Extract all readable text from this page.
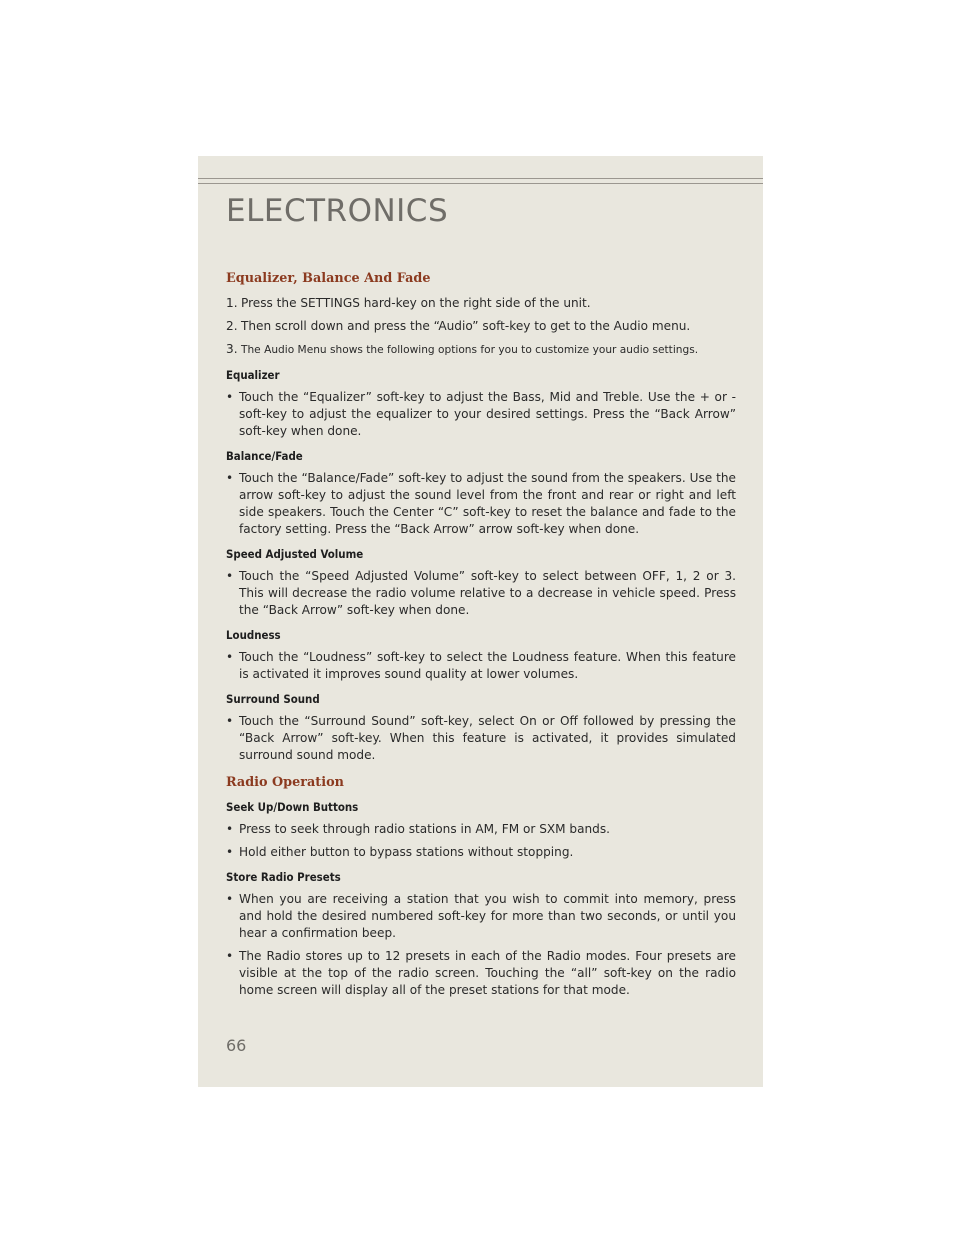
ELECTRONICS
Equalizer, Balance And Fade
1. Press the SETTINGS hard-key on the right side of the unit.
2. Then scroll down and press the “Audio” soft-key to get to the Audio menu.
3. The Audio Menu shows the following options for you to customize your audio settings.
Equalizer
• Touch the “Equalizer” soft-key to adjust the Bass, Mid and Treble. Use the + or - soft-key to adjust the equalizer to your desired settings. Press the “Back Arrow” soft-key when done.
Balance/Fade
• Touch the “Balance/Fade” soft-key to adjust the sound from the speakers. Use the arrow soft-key to adjust the sound level from the front and rear or right and left side speakers. Touch the Center “C” soft-key to reset the balance and fade to the factory setting. Press the “Back Arrow” arrow soft-key when done.
Speed Adjusted Volume
• Touch the “Speed Adjusted Volume” soft-key to select between OFF, 1, 2 or 3. This will decrease the radio volume relative to a decrease in vehicle speed. Press the “Back Arrow” soft-key when done.
Loudness
• Touch the “Loudness” soft-key to select the Loudness feature. When this feature is activated it improves sound quality at lower volumes.
Surround Sound
• Touch the “Surround Sound” soft-key, select On or Off followed by pressing the “Back Arrow” soft-key. When this feature is activated, it provides simulated surround sound mode.
Radio Operation
Seek Up/Down Buttons
• Press to seek through radio stations in AM, FM or SXM bands.
• Hold either button to bypass stations without stopping.
Store Radio Presets
• When you are receiving a station that you wish to commit into memory, press and hold the desired numbered soft-key for more than two seconds, or until you hear a confirmation beep.
• The Radio stores up to 12 presets in each of the Radio modes. Four presets are visible at the top of the radio screen. Touching the “all” soft-key on the radio home screen will display all of the preset stations for that mode.
66
